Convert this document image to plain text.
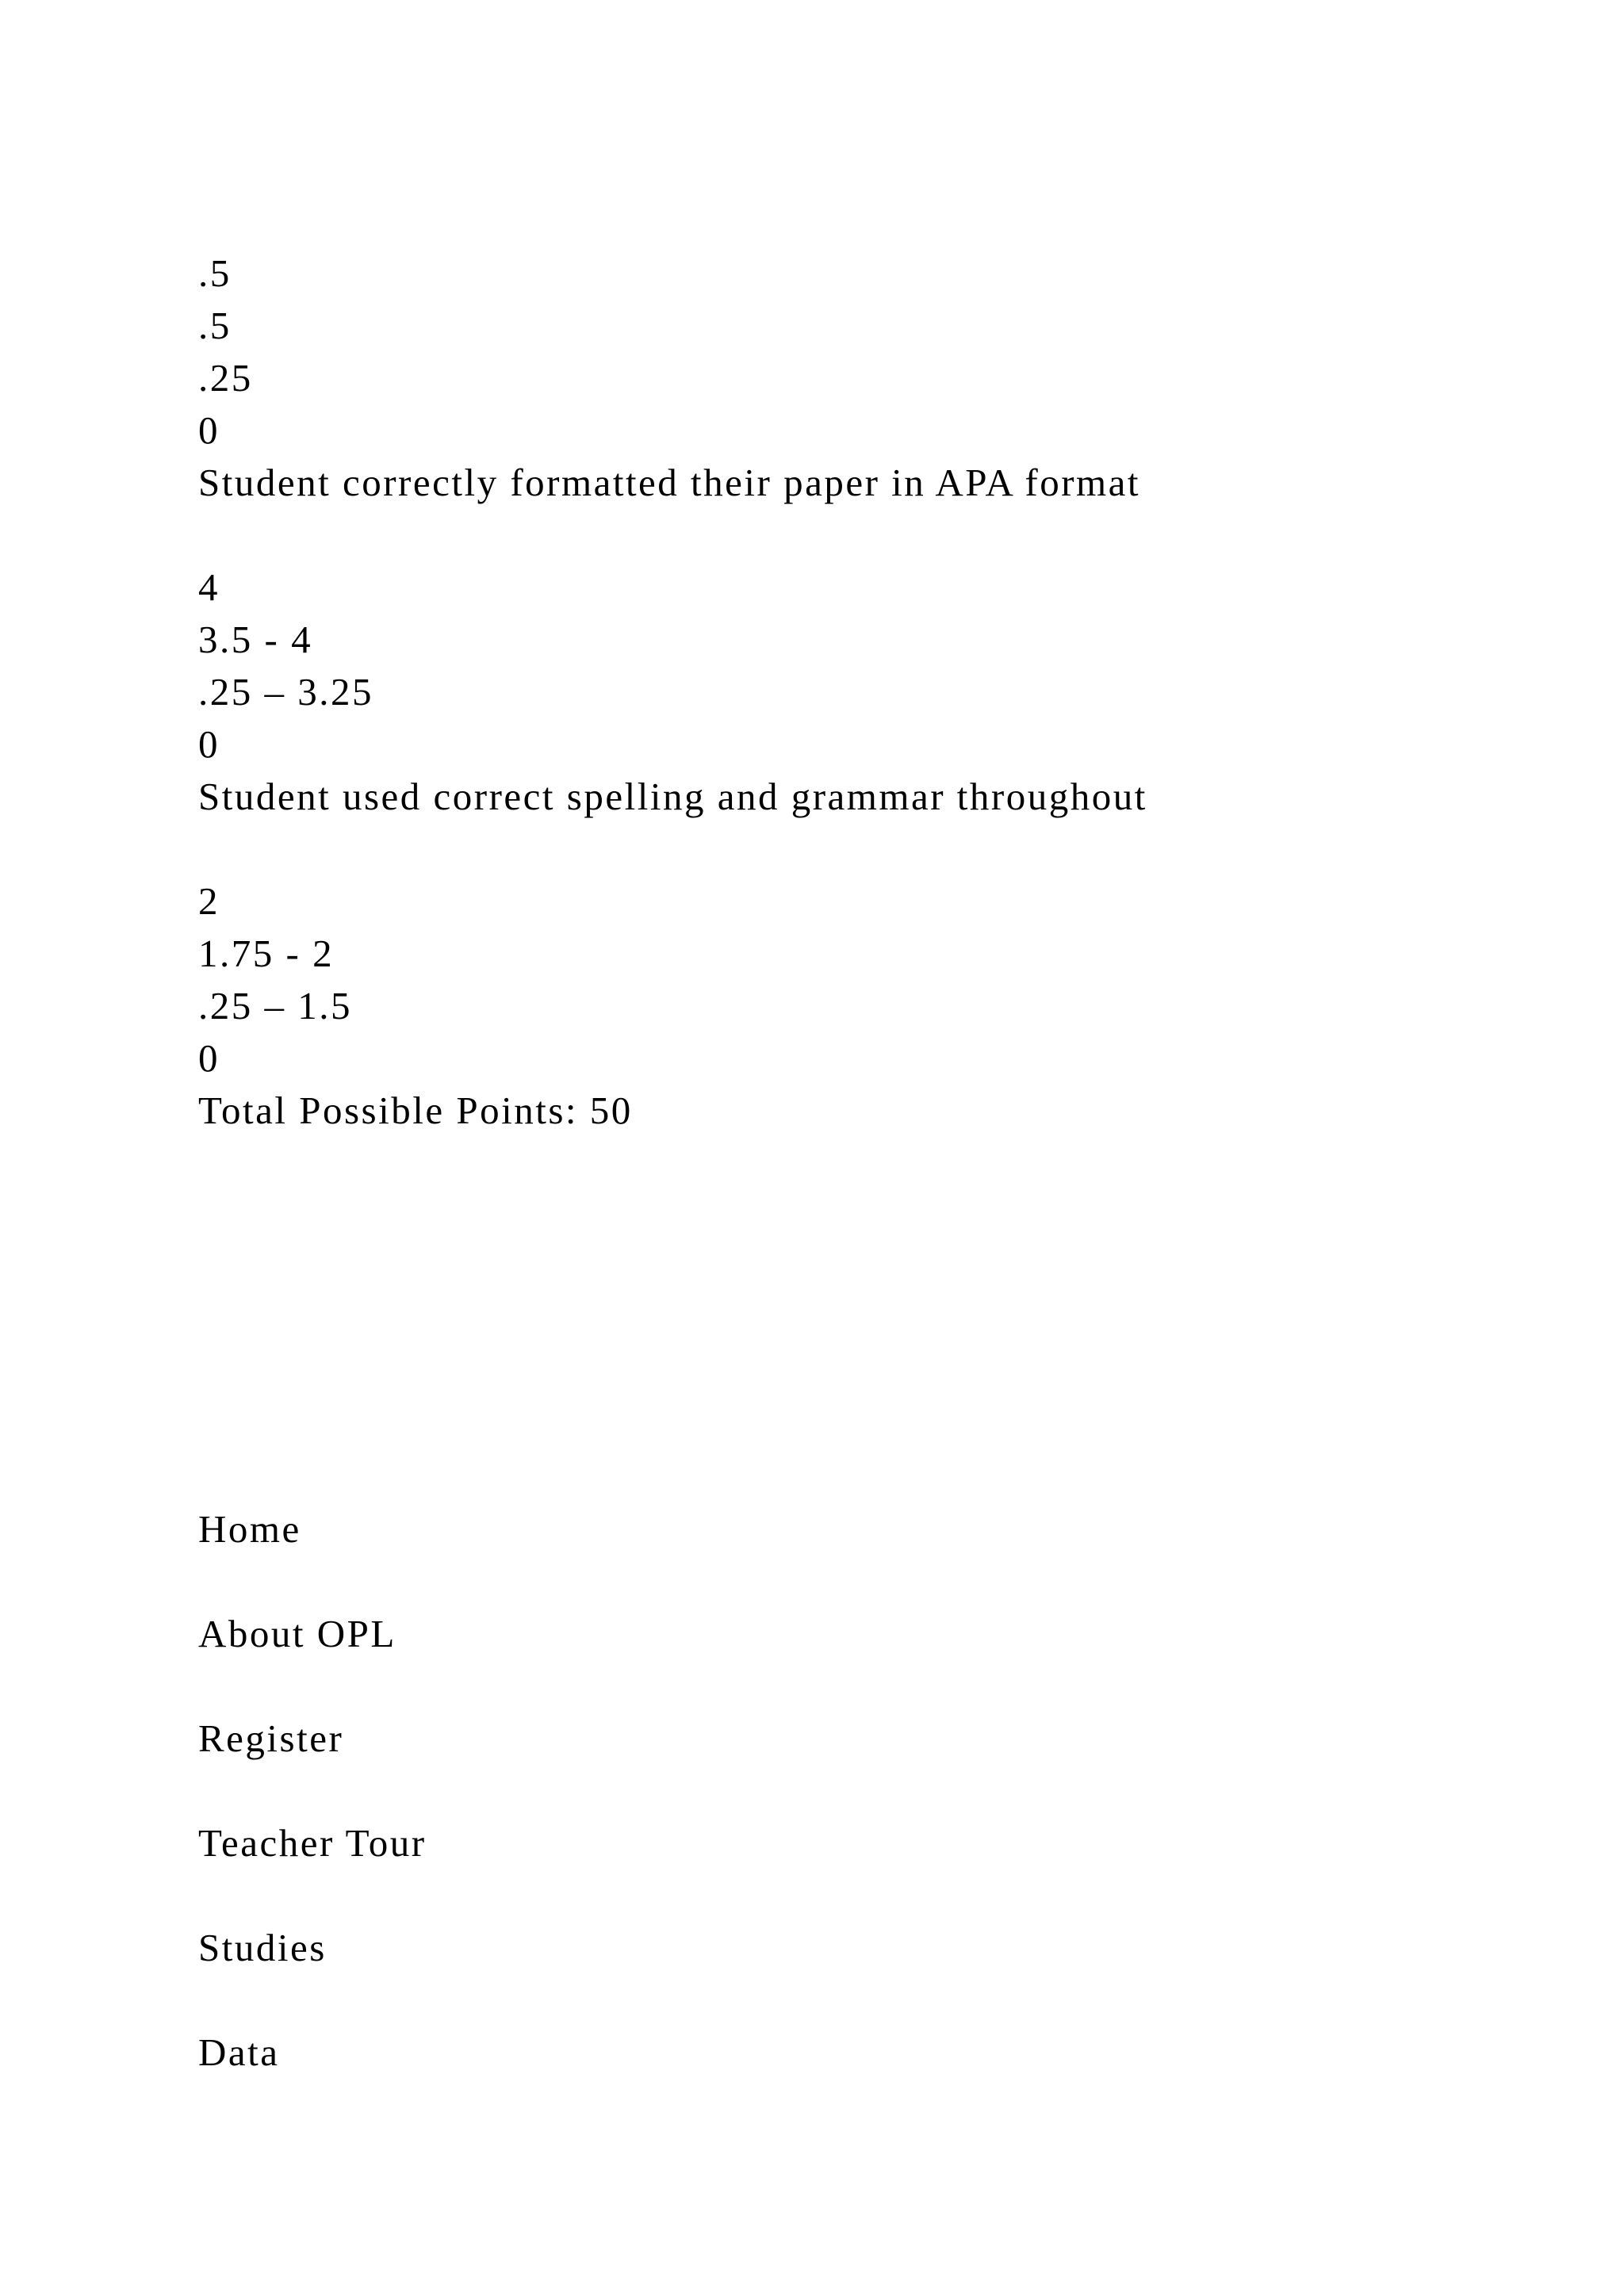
.5
.5
.25
0
Student correctly formatted their paper in APA format
4
3.5 - 4
.25 – 3.25
0
Student used correct spelling and grammar throughout
2
1.75 - 2
.25 – 1.5
0
Total Possible Points: 50
Home
About OPL
Register
Teacher Tour
Studies
Data
